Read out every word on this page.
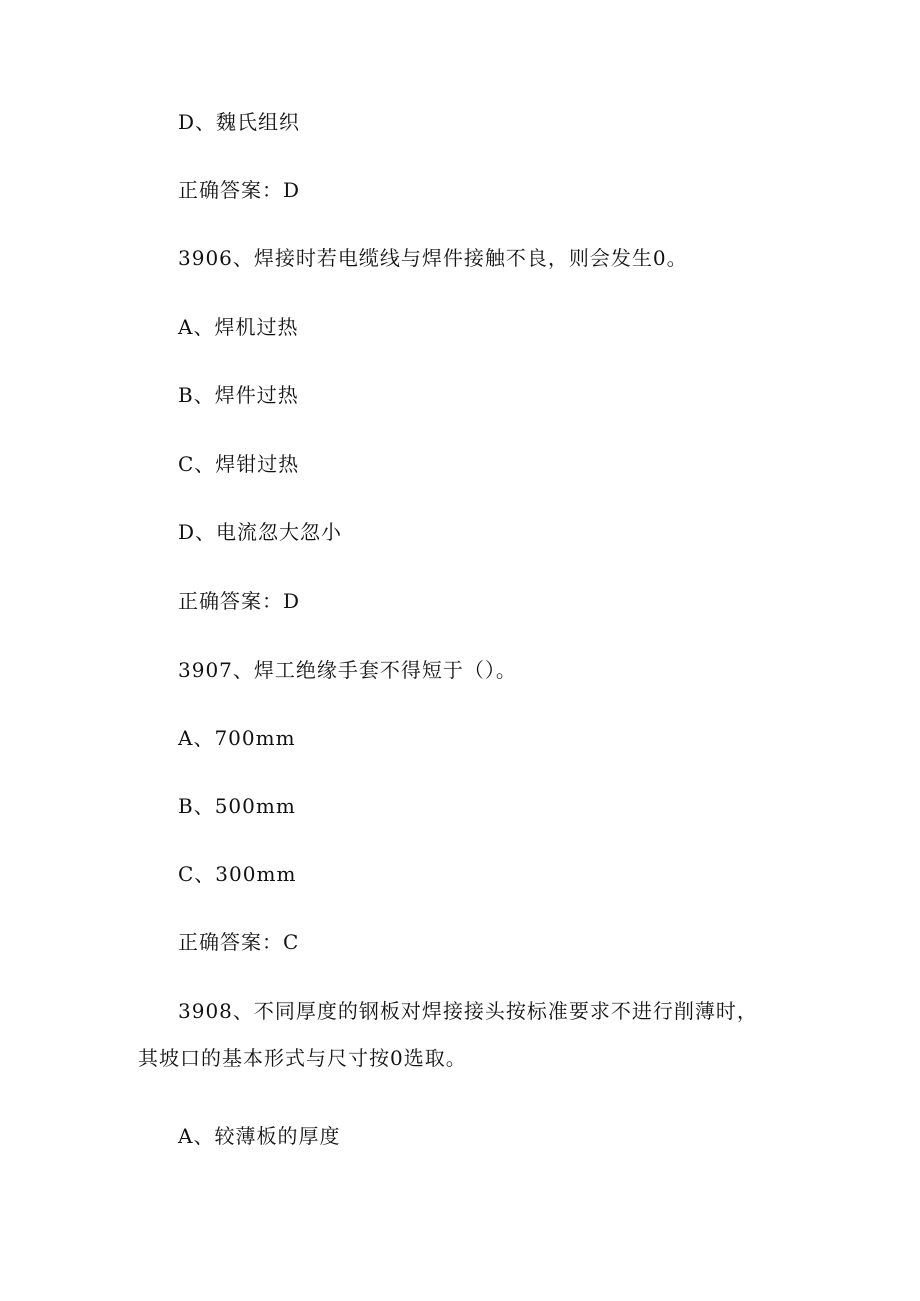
D、魏氏组织
正确答案：D
3906、焊接时若电缆线与焊件接触不良，则会发生0。
A、焊机过热
B、焊件过热
C、焊钳过热
D、电流忽大忽小
正确答案：D
3907、焊工绝缘手套不得短于（）。
A、700mm
B、500mm
C、300mm
正确答案：C
3908、不同厚度的钢板对焊接接头按标准要求不进行削薄时，
其坡口的基本形式与尺寸按0选取。
A、较薄板的厚度
